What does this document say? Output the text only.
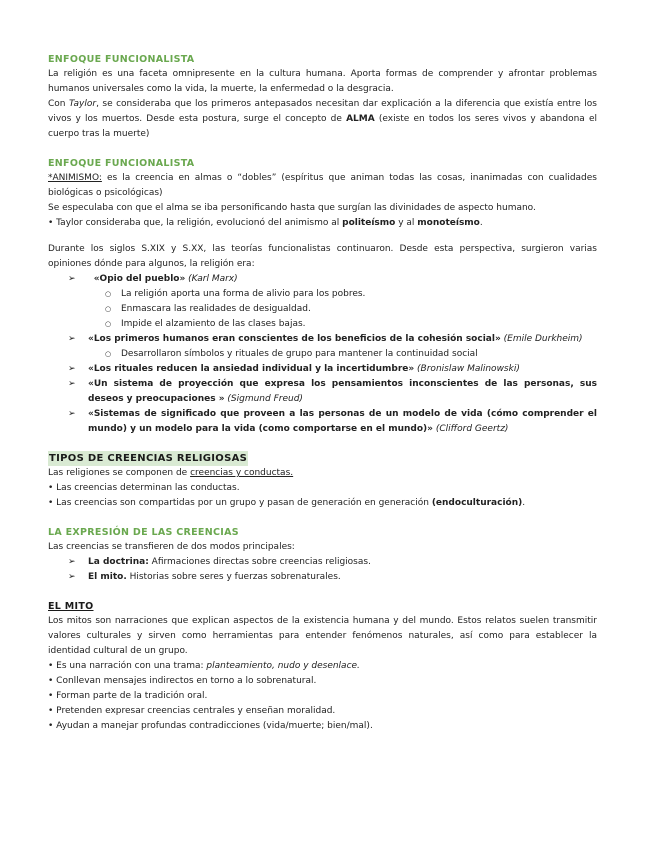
ENFOQUE FUNCIONALISTA

La religión es una faceta omnipresente en la cultura humana. Aporta formas de comprender y afrontar problemas humanos universales como la vida, la muerte, la enfermedad o la desgracia.

Con Taylor, se consideraba que los primeros antepasados necesitan dar explicación a la diferencia que existía entre los vivos y los muertos. Desde esta postura, surge el concepto de ALMA (existe en todos los seres vivos y abandona el cuerpo tras la muerte)

ENFOQUE FUNCIONALISTA

*ANIMISMO: es la creencia en almas o “dobles” (espíritus que animan todas las cosas, inanimadas con cualidades biológicas o psicológicas)

Se especulaba con que el alma se iba personificando hasta que surgían las divinidades de aspecto humano.

• Taylor consideraba que, la religión, evolucionó del animismo al politeísmo y al monoteísmo.

Durante los siglos S.XIX y S.XX, las teorías funcionalistas continuaron. Desde esta perspectiva, surgieron varias opiniones dónde para algunos, la religión era:

➢	«Opio del pueblo» (Karl Marx)
○	La religión aporta una forma de alivio para los pobres.
○	Enmascara las realidades de desigualdad.
○	Impide el alzamiento de las clases bajas.
➢	«Los primeros humanos eran conscientes de los beneficios de la cohesión social» (Emile Durkheim)
○	Desarrollaron símbolos y rituales de grupo para mantener la continuidad social
➢	«Los rituales reducen la ansiedad individual y la incertidumbre» (Bronislaw Malinowski)
➢	«Un sistema de proyección que expresa los pensamientos inconscientes de las personas, sus deseos y preocupaciones » (Sigmund Freud)
➢	«Sistemas de significado que proveen a las personas de un modelo de vida (cómo comprender el mundo) y un modelo para la vida (como comportarse en el mundo)» (Clifford Geertz)
TIPOS DE CREENCIAS RELIGIOSAS

Las religiones se componen de creencias y conductas.

• Las creencias determinan las conductas.

• Las creencias son compartidas por un grupo y pasan de generación en generación (endoculturación).

LA EXPRESIÓN DE LAS CREENCIAS

Las creencias se transfieren de dos modos principales:

➢	La doctrina: Afirmaciones directas sobre creencias religiosas.
➢	El mito. Historias sobre seres y fuerzas sobrenaturales.
EL MITO

Los mitos son narraciones que explican aspectos de la existencia humana y del mundo. Estos relatos suelen transmitir valores culturales y sirven como herramientas para entender fenómenos naturales, así como para establecer la identidad cultural de un grupo.

• Es una narración con una trama: planteamiento, nudo y desenlace.

• Conllevan mensajes indirectos en torno a lo sobrenatural.

• Forman parte de la tradición oral.

• Pretenden expresar creencias centrales y enseñan moralidad.

• Ayudan a manejar profundas contradicciones (vida/muerte; bien/mal).
